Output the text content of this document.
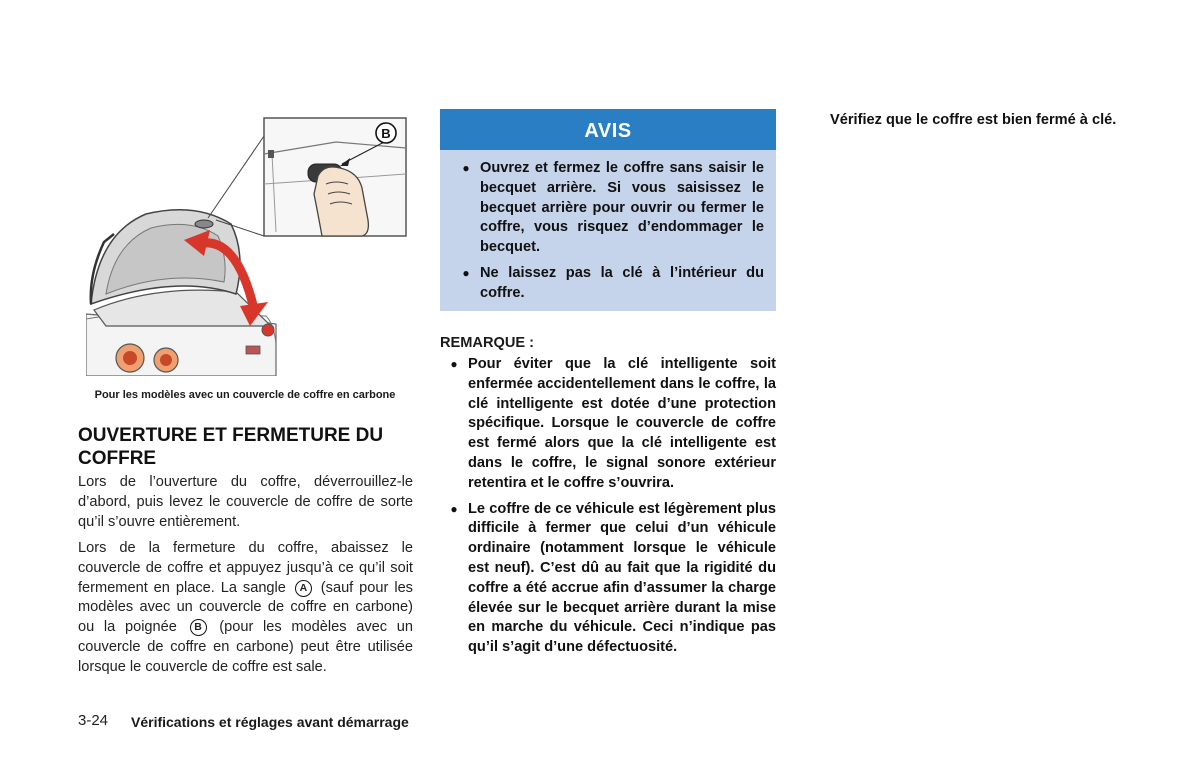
B
Pour les modèles avec un couvercle de coffre en carbone
OUVERTURE ET FERMETURE DU COFFRE
Lors de l’ouverture du coffre, déverrouillez-le d’abord, puis levez le couvercle de coffre de sorte qu’il s’ouvre entièrement.
Lors de la fermeture du coffre, abaissez le couvercle de coffre et appuyez jusqu’à ce qu’il soit fermement en place. La sangle A (sauf pour les modèles avec un couvercle de coffre en carbone) ou la poignée B (pour les modèles avec un couvercle de coffre en carbone) peut être utilisée lorsque le couvercle de coffre est sale.
AVIS
● Ouvrez et fermez le coffre sans saisir le becquet arrière. Si vous saisissez le becquet arrière pour ouvrir ou fermer le coffre, vous risquez d’endommager le becquet.
● Ne laissez pas la clé à l’intérieur du coffre.
REMARQUE :
● Pour éviter que la clé intelligente soit enfermée accidentellement dans le coffre, la clé intelligente est dotée d’une protection spécifique. Lorsque le couvercle de coffre est fermé alors que la clé intelligente est dans le coffre, le signal sonore extérieur retentira et le coffre s’ouvrira.
● Le coffre de ce véhicule est légèrement plus difficile à fermer que celui d’un véhicule ordinaire (notamment lorsque le véhicule est neuf). C’est dû au fait que la rigidité du coffre a été accrue afin d’assumer la charge élevée sur le becquet arrière durant la mise en marche du véhicule. Ceci n’indique pas qu’il s’agit d’une défectuosité.
Vérifiez que le coffre est bien fermé à clé.
3-24 Vérifications et réglages avant démarrage
